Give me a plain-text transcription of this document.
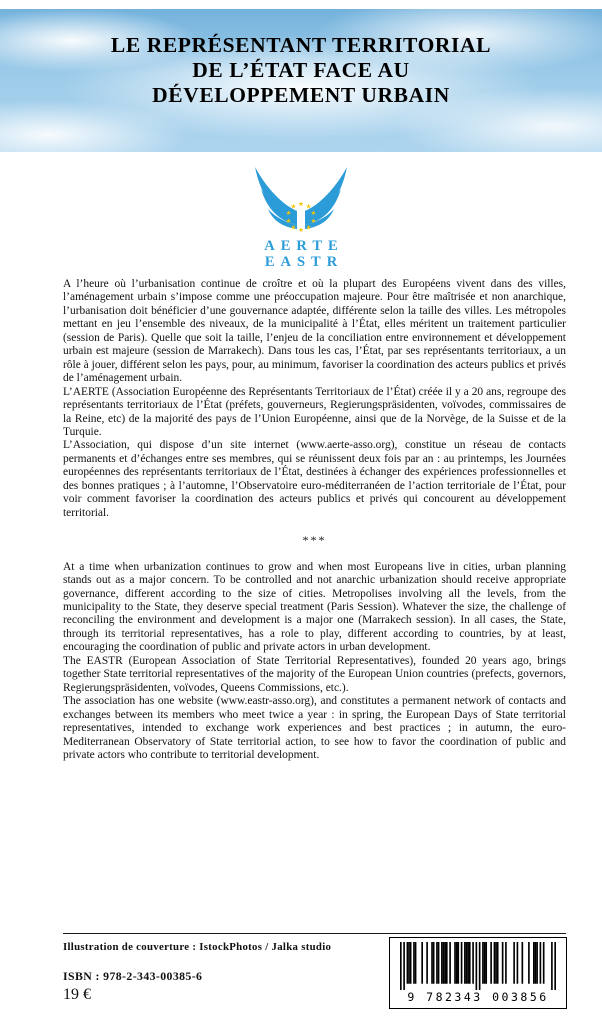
LE REPRÉSENTANT TERRITORIAL
DE L’ÉTAT FACE AU
DÉVELOPPEMENT URBAIN
★ ★
★
★
★
★
★
★
★
★
AERTE
EASTR

A l’heure où l’urbanisation continue de croître et où la plupart des Européens vivent dans des villes, l’aménagement urbain s’impose comme une préoccupation majeure. Pour être maîtrisée et non anarchique, l’urbanisation doit bénéficier d’une gouvernance adaptée, différente selon la taille des villes. Les métropoles mettant en jeu l’ensemble des niveaux, de la municipalité à l’État, elles méritent un traitement particulier (session de Paris). Quelle que soit la taille, l’enjeu de la conciliation entre environnement et développement urbain est majeure (session de Marrakech). Dans tous les cas, l’État, par ses représentants territoriaux, a un rôle à jouer, différent selon les pays, pour, au minimum, favoriser la coordination des acteurs publics et privés de l’aménagement urbain.

L’AERTE (Association Européenne des Représentants Territoriaux de l’État) créée il y a 20 ans, regroupe des représentants territoriaux de l’État (préfets, gouverneurs, Regierungspräsidenten, voïvodes, commissaires de la Reine, etc) de la majorité des pays de l’Union Européenne, ainsi que de la Norvège, de la Suisse et de la Turquie.

L’Association, qui dispose d’un site internet (www.aerte-asso.org), constitue un réseau de contacts permanents et d’échanges entre ses membres, qui se réunissent deux fois par an : au printemps, les Journées européennes des représentants territoriaux de l’État, destinées à échanger des expériences professionnelles et des bonnes pratiques ; à l’automne, l’Observatoire euro-méditerranéen de l’action territoriale de l’État, pour voir comment favoriser la coordination des acteurs publics et privés qui concourent au développement territorial.

***

At a time when urbanization continues to grow and when most Europeans live in cities, urban planning stands out as a major concern. To be controlled and not anarchic urbanization should receive appropriate governance, different according to the size of cities. Metropolises involving all the levels, from the municipality to the State, they deserve special treatment (Paris Session). Whatever the size, the challenge of reconciling the environment and development is a major one (Marrakech session). In all cases, the State, through its territorial representatives, has a role to play, different according to countries, by at least, encouraging the coordination of public and private actors in urban development.

The EASTR (European Association of State Territorial Representatives), founded 20 years ago, brings together State territorial representatives of the majority of the European Union countries (prefects, governors, Regierungspräsidenten, voïvodes, Queens Commissions, etc.).

The association has one website (www.eastr-asso.org), and constitutes a permanent network of contacts and exchanges between its members who meet twice a year : in spring, the European Days of State territorial representatives, intended to exchange work experiences and best practices ; in autumn, the euro-Mediterranean Observatory of State territorial action, to see how to favor the coordination of public and private actors who contribute to territorial development.

Illustration de couverture : IstockPhotos / Jalka studio
ISBN : 978-2-343-00385-6
19 €	9 782343 003856
